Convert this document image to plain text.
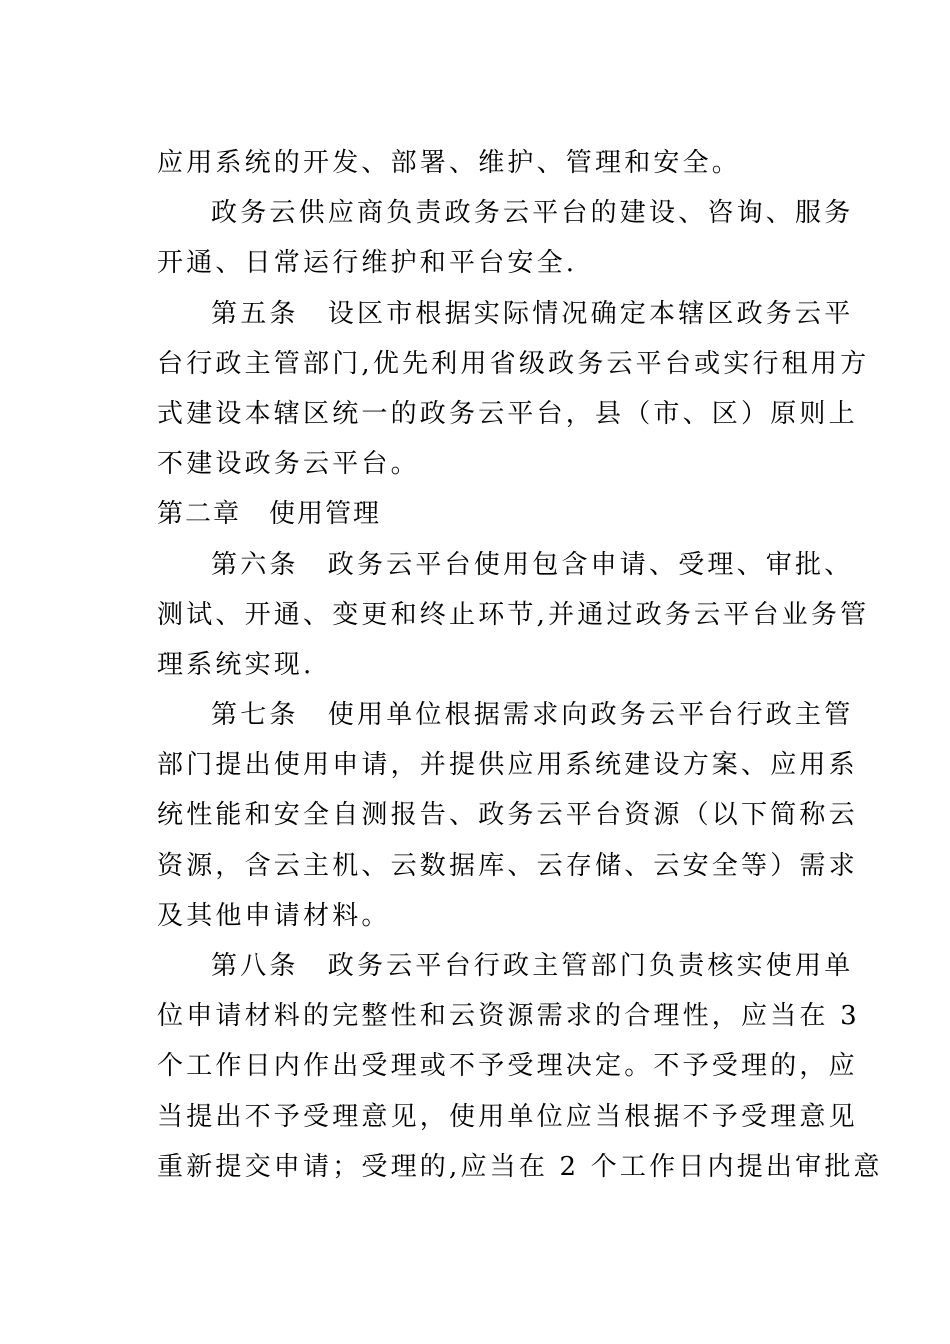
应用系统的开发、部署、维护、管理和安全。
政务云供应商负责政务云平台的建设、咨询、服务
开通、日常运行维护和平台安全.
第五条　设区市根据实际情况确定本辖区政务云平
台行政主管部门,优先利用省级政务云平台或实行租用方
式建设本辖区统一的政务云平台，县（市、区）原则上
不建设政务云平台。
第二章　使用管理
第六条　政务云平台使用包含申请、受理、审批、
测试、开通、变更和终止环节,并通过政务云平台业务管
理系统实现.
第七条　使用单位根据需求向政务云平台行政主管
部门提出使用申请，并提供应用系统建设方案、应用系
统性能和安全自测报告、政务云平台资源（以下简称云
资源，含云主机、云数据库、云存储、云安全等）需求
及其他申请材料。
第八条　政务云平台行政主管部门负责核实使用单
位申请材料的完整性和云资源需求的合理性，应当在 3
个工作日内作出受理或不予受理决定。不予受理的，应
当提出不予受理意见，使用单位应当根据不予受理意见
重新提交申请；受理的,应当在 2 个工作日内提出审批意
